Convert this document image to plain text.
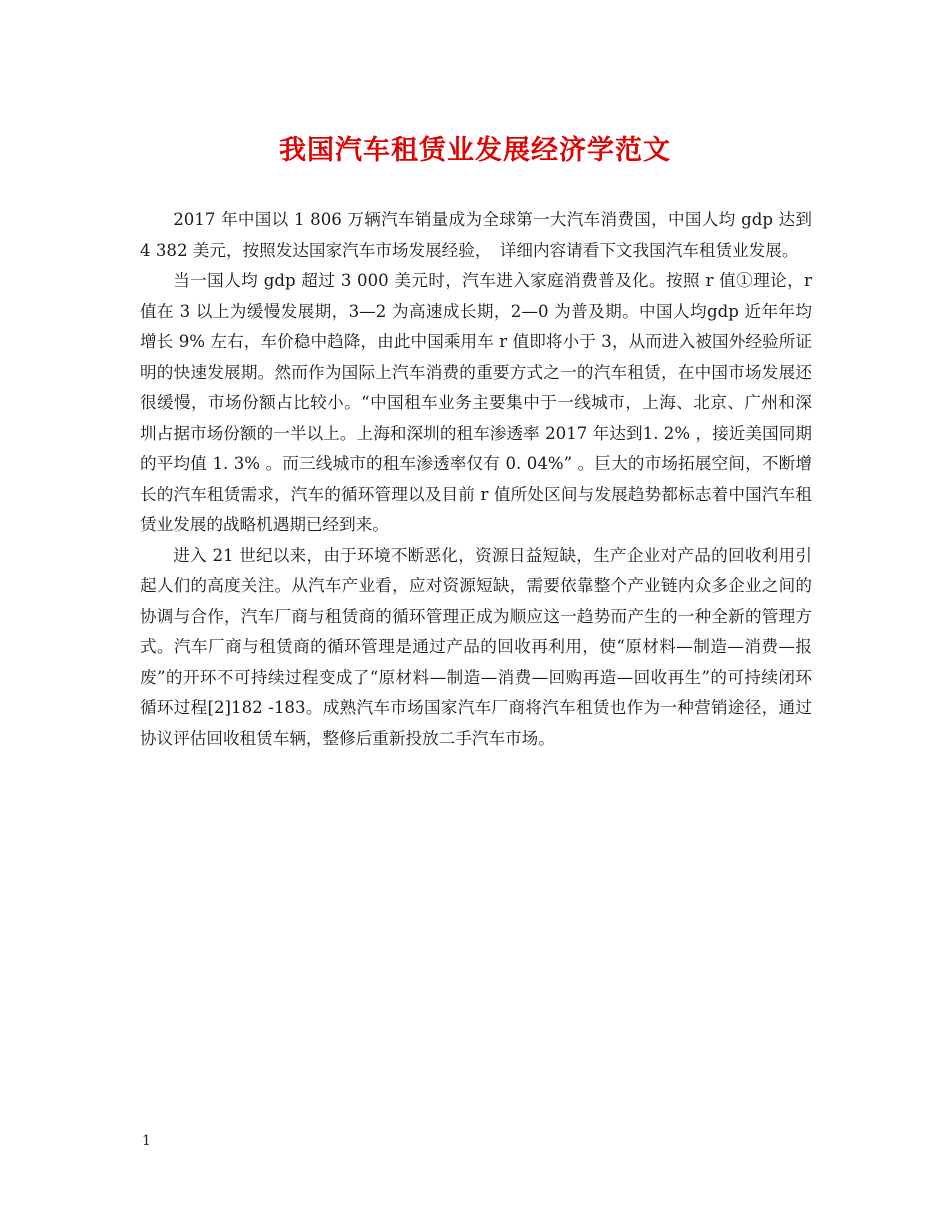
我国汽车租赁业发展经济学范文

2017 年中国以 1 806 万辆汽车销量成为全球第一大汽车消费国，中国人均 gdp 达到 4 382 美元，按照发达国家汽车市场发展经验，　详细内容请看下文我国汽车租赁业发展。

当一国人均 gdp 超过 3 000 美元时，汽车进入家庭消费普及化。按照 r 值①理论，r 值在 3 以上为缓慢发展期，3—2 为高速成长期，2—0 为普及期。中国人均gdp 近年年均增长 9% 左右，车价稳中趋降，由此中国乘用车 r 值即将小于 3，从而进入被国外经验所证明的快速发展期。然而作为国际上汽车消费的重要方式之一的汽车租赁，在中国市场发展还很缓慢，市场份额占比较小。“中国租车业务主要集中于一线城市，上海、北京、广州和深圳占据市场份额的一半以上。上海和深圳的租车渗透率 2017 年达到1. 2% ，接近美国同期的平均值 1. 3% 。而三线城市的租车渗透率仅有 0. 04%” 。巨大的市场拓展空间，不断增长的汽车租赁需求，汽车的循环管理以及目前 r 值所处区间与发展趋势都标志着中国汽车租赁业发展的战略机遇期已经到来。

进入 21 世纪以来，由于环境不断恶化，资源日益短缺，生产企业对产品的回收利用引起人们的高度关注。从汽车产业看，应对资源短缺，需要依靠整个产业链内众多企业之间的协调与合作，汽车厂商与租赁商的循环管理正成为顺应这一趋势而产生的一种全新的管理方式。汽车厂商与租赁商的循环管理是通过产品的回收再利用，使“原材料—制造—消费—报废”的开环不可持续过程变成了“原材料—制造—消费—回购再造—回收再生”的可持续闭环循环过程[2]182 -183。成熟汽车市场国家汽车厂商将汽车租赁也作为一种营销途径，通过协议评估回收租赁车辆，整修后重新投放二手汽车市场。

1
